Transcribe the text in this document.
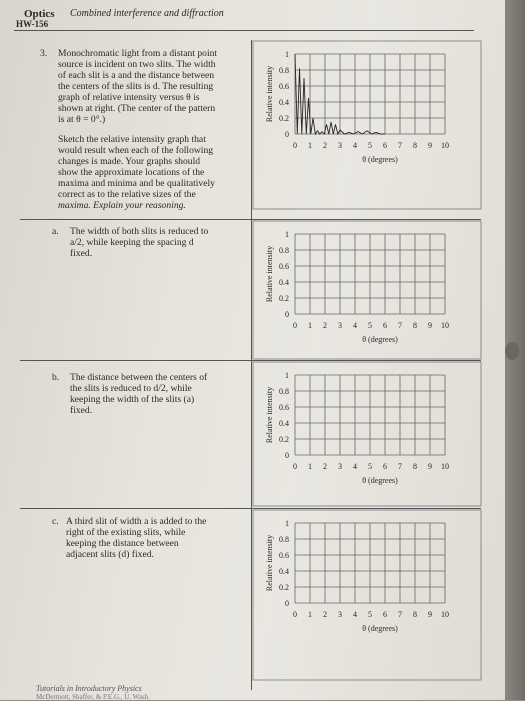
Optics Combined interference and diffraction
HW-156
3. Monochromatic light from a distant point
source is incident on two slits. The width
of each slit is a and the distance between
the centers of the slits is d. The resulting
graph of relative intensity versus θ is
shown at right. (The center of the pattern
is at θ = 0°.)
Sketch the relative intensity graph that
would result when each of the following
changes is made. Your graphs should
show the approximate locations of the
maxima and minima and be qualitatively
correct as to the relative sizes of the
maxima. Explain your reasoning.
a. The width of both slits is reduced to
a/2, while keeping the spacing d
fixed.
b. The distance between the centers of
the slits is reduced to d/2, while
keeping the width of the slits (a)
fixed.
c. A third slit of width a is added to the
right of the existing slits, while
keeping the distance between
adjacent slits (d) fixed.
0
0.2
0.4
0.6
0.8
1
0 1 2 3 4 5 6 7 8 9 10
θ (degrees)
Relative intensity
0
0.2
0.4
0.6
0.8
1
0 1 2 3 4 5 6 7 8 9 10
θ (degrees)
Relative intensity
0
0.2
0.4
0.6
0.8
1
0 1 2 3 4 5 6 7 8 9 10
θ (degrees)
Relative intensity
0
0.2
0.4
0.6
0.8
1
0 1 2 3 4 5 6 7 8 9 10
θ (degrees)
Relative intensity
Tutorials in Introductory Physics
McDermott, Shaffer, & P.E.G., U. Wash.
